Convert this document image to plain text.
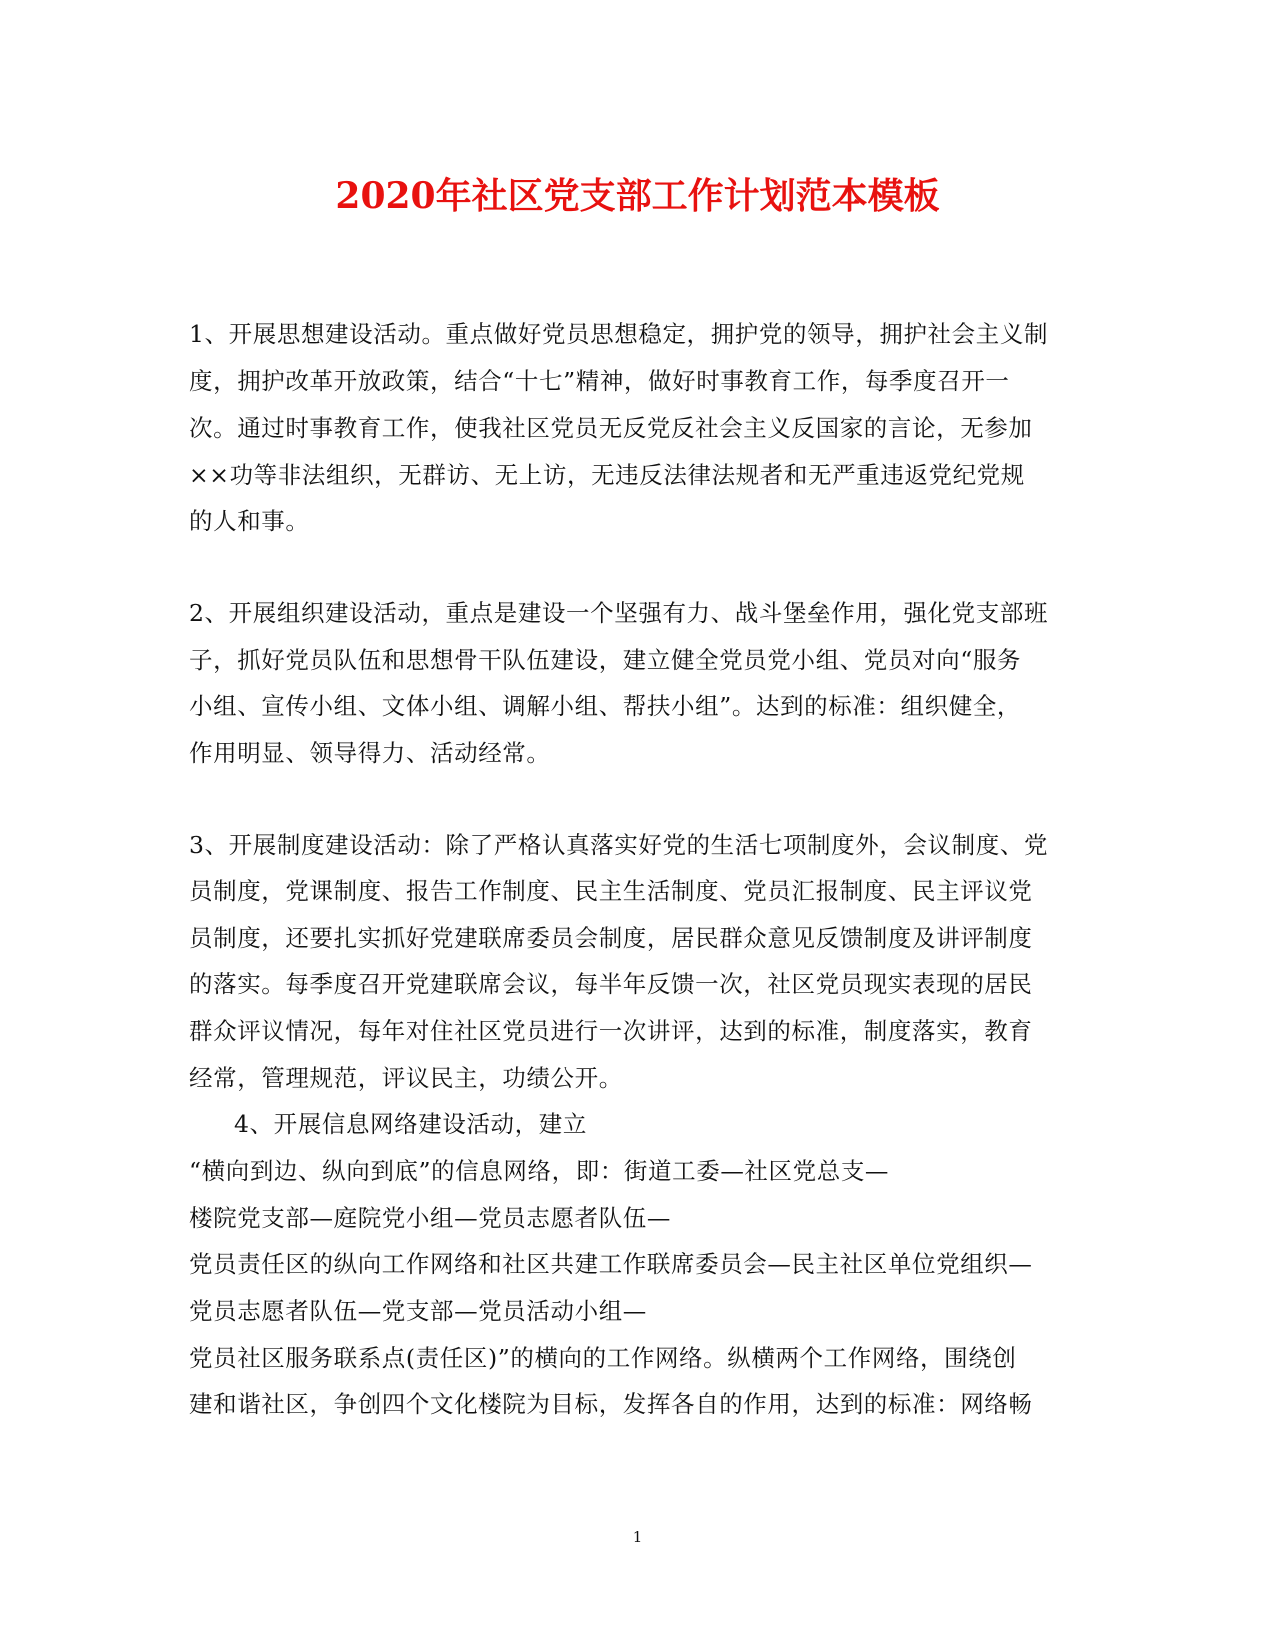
2020年社区党支部工作计划范本模板
1、开展思想建设活动。重点做好党员思想稳定，拥护党的领导，拥护社会主义制
度，拥护改革开放政策，结合“十七”精神，做好时事教育工作，每季度召开一
次。通过时事教育工作，使我社区党员无反党反社会主义反国家的言论，无参加
××功等非法组织，无群访、无上访，无违反法律法规者和无严重违返党纪党规
的人和事。
2、开展组织建设活动，重点是建设一个坚强有力、战斗堡垒作用，强化党支部班
子，抓好党员队伍和思想骨干队伍建设，建立健全党员党小组、党员对向“服务
小组、宣传小组、文体小组、调解小组、帮扶小组”。达到的标准：组织健全，
作用明显、领导得力、活动经常。
3、开展制度建设活动：除了严格认真落实好党的生活七项制度外，会议制度、党
员制度，党课制度、报告工作制度、民主生活制度、党员汇报制度、民主评议党
员制度，还要扎实抓好党建联席委员会制度，居民群众意见反馈制度及讲评制度
的落实。每季度召开党建联席会议，每半年反馈一次，社区党员现实表现的居民
群众评议情况，每年对住社区党员进行一次讲评，达到的标准，制度落实，教育
经常，管理规范，评议民主，功绩公开。
4、开展信息网络建设活动，建立
“横向到边、纵向到底”的信息网络，即：街道工委—社区党总支—
楼院党支部—庭院党小组—党员志愿者队伍—
党员责任区的纵向工作网络和社区共建工作联席委员会—民主社区单位党组织—
党员志愿者队伍—党支部—党员活动小组—
党员社区服务联系点(责任区)”的横向的工作网络。纵横两个工作网络，围绕创
建和谐社区，争创四个文化楼院为目标，发挥各自的作用，达到的标准：网络畅
1
